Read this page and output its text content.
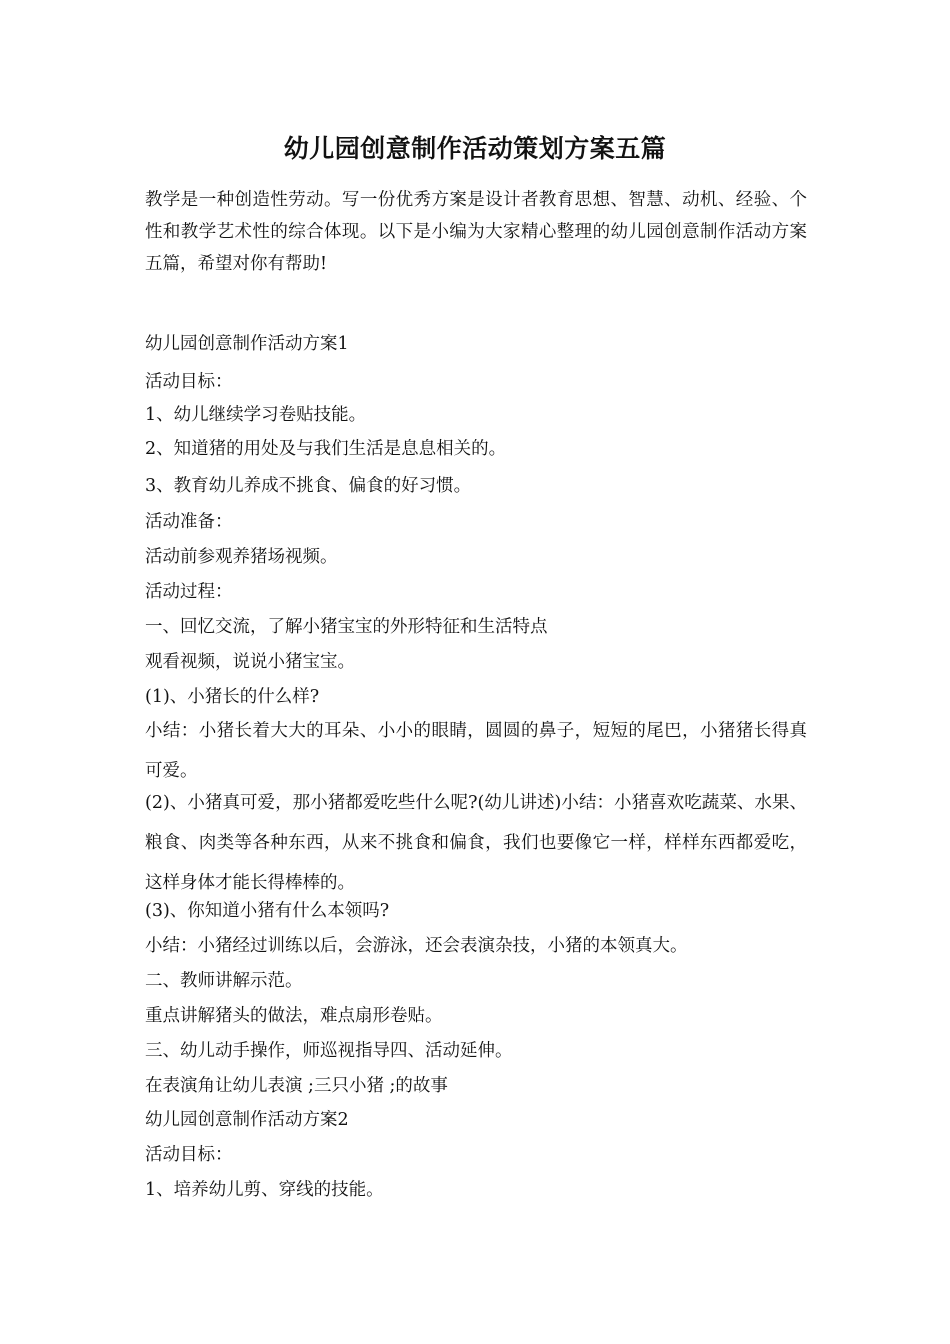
幼儿园创意制作活动策划方案五篇
教学是一种创造性劳动。写一份优秀方案是设计者教育思想、智慧、动机、经验、个性和教学艺术性的综合体现。以下是小编为大家精心整理的幼儿园创意制作活动方案五篇，希望对你有帮助!
幼儿园创意制作活动方案1
活动目标：
1、幼儿继续学习卷贴技能。
2、知道猪的用处及与我们生活是息息相关的。
3、教育幼儿养成不挑食、偏食的好习惯。
活动准备：
活动前参观养猪场视频。
活动过程：
一、回忆交流，了解小猪宝宝的外形特征和生活特点
观看视频，说说小猪宝宝。
(1)、小猪长的什么样?
小结：小猪长着大大的耳朵、小小的眼睛，圆圆的鼻子，短短的尾巴，小猪猪长得真可爱。
(2)、小猪真可爱，那小猪都爱吃些什么呢?(幼儿讲述)小结：小猪喜欢吃蔬菜、水果、粮食、肉类等各种东西，从来不挑食和偏食，我们也要像它一样，样样东西都爱吃，这样身体才能长得棒棒的。
(3)、你知道小猪有什么本领吗?
小结：小猪经过训练以后，会游泳，还会表演杂技，小猪的本领真大。
二、教师讲解示范。
重点讲解猪头的做法，难点扇形卷贴。
三、幼儿动手操作，师巡视指导四、活动延伸。
在表演角让幼儿表演 ;三只小猪 ;的故事
幼儿园创意制作活动方案2
活动目标：
1、培养幼儿剪、穿线的技能。
